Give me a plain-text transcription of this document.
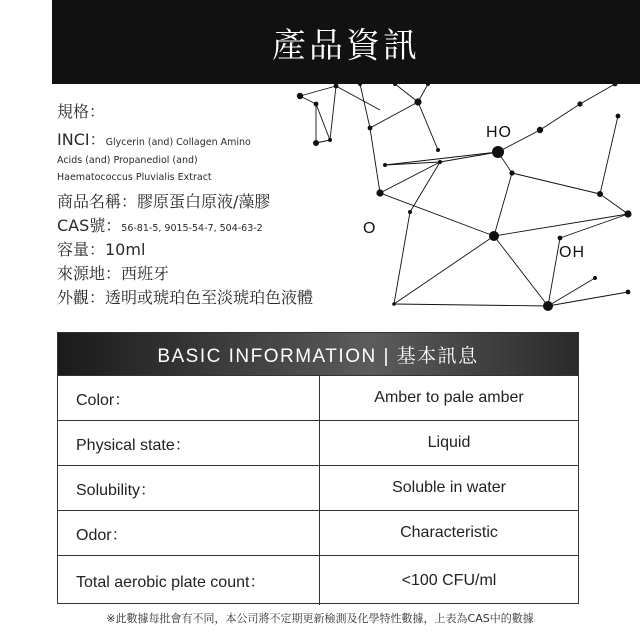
產品資訊
HO
O
OH
規格：
INCI：Glycerin (and) Collagen Amino
Acids (and) Propanediol (and)
Haematococcus Pluvialis Extract
商品名稱：膠原蛋白原液/藻膠
CAS號：56-81-5, 9015-54-7, 504-63-2
容量：10ml
來源地：西班牙
外觀：透明或琥珀色至淡琥珀色液體
BASIC INFORMATION | 基本訊息
Color：	Amber to pale amber
Physical state：	Liquid
Solubility：	Soluble in water
Odor：	Characteristic
Total aerobic plate count：	<100 CFU/ml
※此數據每批會有不同，本公司將不定期更新檢測及化學特性數據，上表為CAS中的數據
